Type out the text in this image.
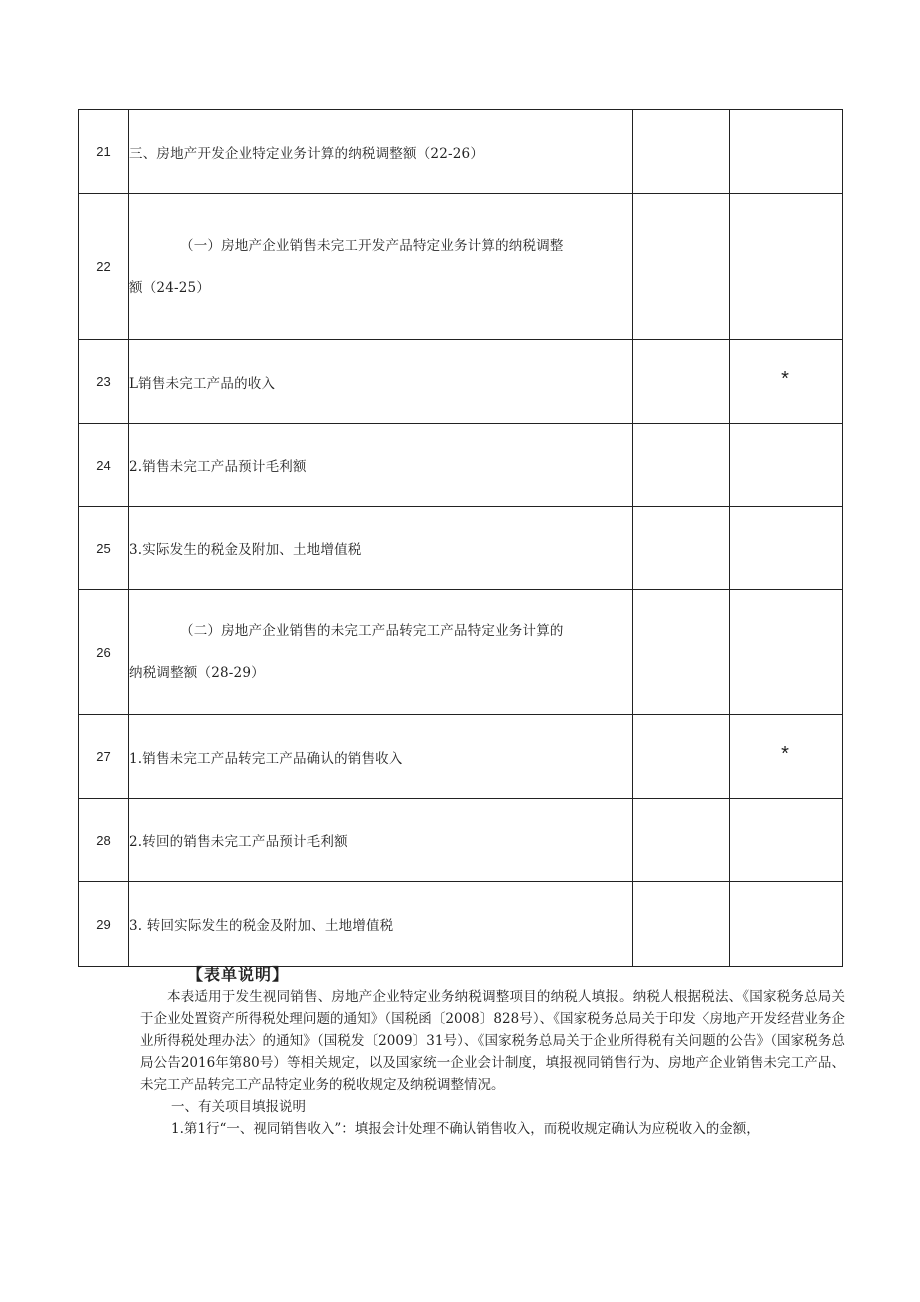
21	三、房地产开发企业特定业务计算的纳税调整额（22-26）		
22	（一）房地产企业销售未完工开发产品特定业务计算的纳税调整
额（24-25）		
23	L销售未完工产品的收入		*
24	2.销售未完工产品预计毛利额		
25	3.实际发生的税金及附加、土地增值税		
26	（二）房地产企业销售的未完工产品转完工产品特定业务计算的
纳税调整额（28-29）		
27	1.销售未完工产品转完工产品确认的销售收入		*
28	2.转回的销售未完工产品预计毛利额		
29	3. 转回实际发生的税金及附加、土地增值税		
【表单说明】

本表适用于发生视同销售、房地产企业特定业务纳税调整项目的纳税人填报。纳税人根据税法、《国家税务总局关于企业处置资产所得税处理问题的通知》（国税函〔2008〕828号）、《国家税务总局关于印发〈房地产开发经营业务企业所得税处理办法〉的通知》（国税发〔2009〕31号）、《国家税务总局关于企业所得税有关问题的公告》（国家税务总局公告2016年第80号）等相关规定，以及国家统一企业会计制度，填报视同销售行为、房地产企业销售未完工产品、未完工产品转完工产品特定业务的税收规定及纳税调整情况。

一、有关项目填报说明

1.第1行“一、视同销售收入”：填报会计处理不确认销售收入，而税收规定确认为应税收入的金额，
